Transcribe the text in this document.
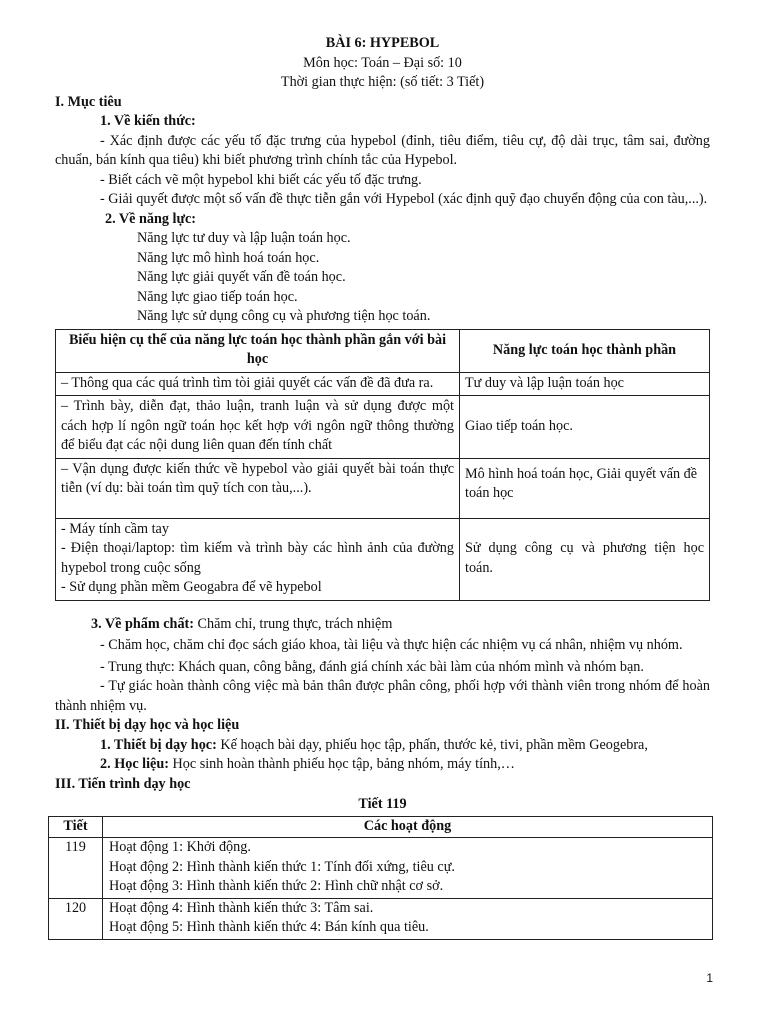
BÀI 6: HYPEBOL
Môn học: Toán – Đại số: 10
Thời gian thực hiện: (số tiết: 3 Tiết)
I. Mục tiêu
1. Về kiến thức:
- Xác định được các yếu tố đặc trưng của hypebol (đỉnh, tiêu điểm, tiêu cự, độ dài trục, tâm sai, đường chuẩn, bán kính qua tiêu) khi biết phương trình chính tắc của Hypebol.
- Biết cách vẽ một hypebol khi biết các yếu tố đặc trưng.
- Giải quyết được một số vấn đề thực tiễn gắn với Hypebol (xác định quỹ đạo chuyển động của con tàu,...).
2. Về năng lực:
Năng lực tư duy và lập luận toán học.
Năng lực mô hình hoá toán học.
Năng lực giải quyết vấn đề toán học.
Năng lực giao tiếp toán học.
Năng lực sử dụng công cụ và phương tiện học toán.
Biểu hiện cụ thể của năng lực toán học thành phần gắn với bài học	Năng lực toán học thành phần

– Thông qua các quá trình tìm tòi giải quyết các vấn đề đã đưa ra.	Tư duy và lập luận toán học

– Trình bày, diễn đạt, thảo luận, tranh luận và sử dụng được một cách hợp lí ngôn ngữ toán học kết hợp với ngôn ngữ thông thường để biểu đạt các nội dung liên quan đến tính chất	Giao tiếp toán học.

– Vận dụng được kiến thức về hypebol vào giải quyết bài toán thực tiễn (ví dụ: bài toán tìm quỹ tích con tàu,...).	Mô hình hoá toán học, Giải quyết vấn đề toán học

- Máy tính cầm tay
- Điện thoại/laptop: tìm kiếm và trình bày các hình ảnh của đường hypebol trong cuộc sống
- Sử dụng phần mềm Geogabra để vẽ hypebol	Sử dụng công cụ và phương tiện học toán.
3. Về phẩm chất: Chăm chỉ, trung thực, trách nhiệm
- Chăm học, chăm chỉ đọc sách giáo khoa, tài liệu và thực hiện các nhiệm vụ cá nhân, nhiệm vụ nhóm.
- Trung thực: Khách quan, công bằng, đánh giá chính xác bài làm của nhóm mình và nhóm bạn.
- Tự giác hoàn thành công việc mà bản thân được phân công, phối hợp với thành viên trong nhóm để hoàn thành nhiệm vụ.
II. Thiết bị dạy học và học liệu
1. Thiết bị dạy học: Kế hoạch bài dạy, phiếu học tập, phấn, thước kẻ, tivi, phần mềm Geogebra,
2. Học liệu: Học sinh hoàn thành phiếu học tập, bảng nhóm, máy tính,…
III. Tiến trình dạy học
Tiết 119
Tiết	Các hoạt động
119	Hoạt động 1: Khởi động.
Hoạt động 2: Hình thành kiến thức 1: Tính đối xứng, tiêu cự.
Hoạt động 3: Hình thành kiến thức 2: Hình chữ nhật cơ sở.

120	Hoạt động 4: Hình thành kiến thức 3: Tâm sai.
Hoạt động 5: Hình thành kiến thức 4: Bán kính qua tiêu.
1
